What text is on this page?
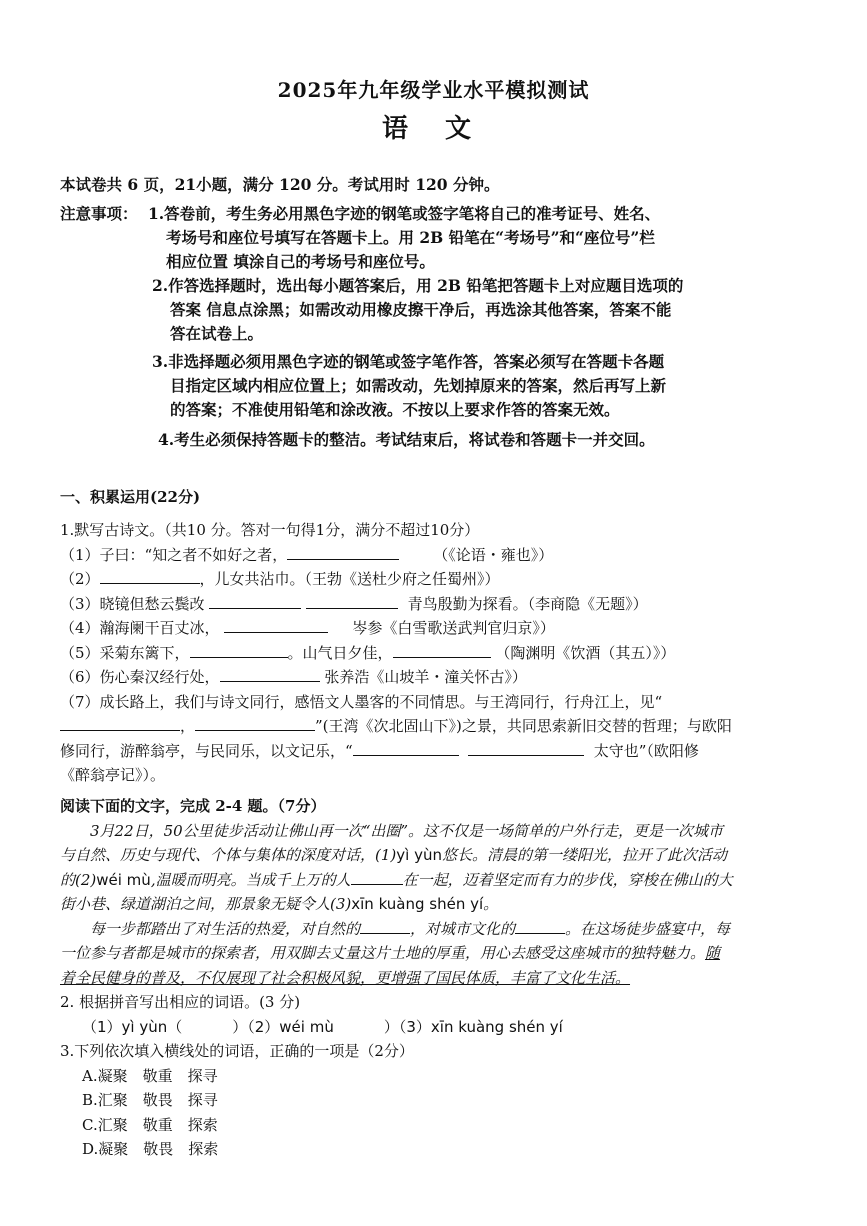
2025年九年级学业水平模拟测试
语 文
本试卷共 6 页，21小题，满分 120 分。考试用时 120 分钟。
注意事项： 1.答卷前，考生务必用黑色字迹的钢笔或签字笔将自己的准考证号、姓名、
考场号和座位号填写在答题卡上。用 2B 铅笔在“考场号”和“座位号”栏
相应位置 填涂自己的考场号和座位号。
2.作答选择题时，选出每小题答案后，用 2B 铅笔把答题卡上对应题目选项的
答案 信息点涂黑；如需改动用橡皮擦干净后，再选涂其他答案，答案不能
答在试卷上。
3.非选择题必须用黑色字迹的钢笔或签字笔作答，答案必须写在答题卡各题
目指定区域内相应位置上；如需改动，先划掉原来的答案，然后再写上新
的答案；不准使用铅笔和涂改液。不按以上要求作答的答案无效。
4.考生必须保持答题卡的整洁。考试结束后，将试卷和答题卡一并交回。
一、积累运用(22分)
1.默写古诗文。（共10 分。答对一句得1分，满分不超过10分）
（1）子曰：“知之者不如好之者，	（《论语・雍也》）
（2）	，儿女共沾巾。（王勃《送杜少府之任蜀州》）
（3）晓镜但愁云鬓改	青鸟殷勤为探看。（李商隐《无题》）
（4）瀚海阑干百丈冰，	岑参《白雪歌送武判官归京》）
（5）采菊东篱下，	。山气日夕佳，	（陶渊明《饮酒（其五）》）
（6）伤心秦汉经行处，	张养浩《山坡羊・潼关怀古》）
（7）成长路上，我们与诗文同行，感悟文人墨客的不同情思。与王湾同行，行舟江上，见“
，	”(王湾《次北固山下》)之景，共同思索新旧交替的哲理；与欧阳
修同行，游醉翁亭，与民同乐，以文记乐，“	太守也”（欧阳修
《醉翁亭记》）。
阅读下面的文字，完成 2-4 题。（7分）
3月22日，50公里徒步活动让佛山再一次“出圈”。这不仅是一场简单的户外行走，更是一次城市
与自然、历史与现代、个体与集体的深度对话，(1)yì yùn悠长。清晨的第一缕阳光，拉开了此次活动
的(2)wéi mù,温暖而明亮。当成千上万的人	在一起，迈着坚定而有力的步伐，穿梭在佛山的大
街小巷、绿道湖泊之间，那景象无疑令人(3)xīn kuàng shén yí。
每一步都踏出了对生活的热爱，对自然的	，对城市文化的	。在这场徒步盛宴中，每
一位参与者都是城市的探索者，用双脚去丈量这片土地的厚重，用心去感受这座城市的独特魅力。随
着全民健身的普及，不仅展现了社会积极风貌，更增强了国民体质，丰富了文化生活。
2. 根据拼音写出相应的词语。(3 分)
（1）yì yùn（	）（2）wéi mù	）（3）xīn kuàng shén yí
3.下列依次填入横线处的词语，正确的一项是（2分）
A.凝聚　敬重　探寻
B.汇聚　敬畏　探寻
C.汇聚　敬重　探索
D.凝聚　敬畏　探索
